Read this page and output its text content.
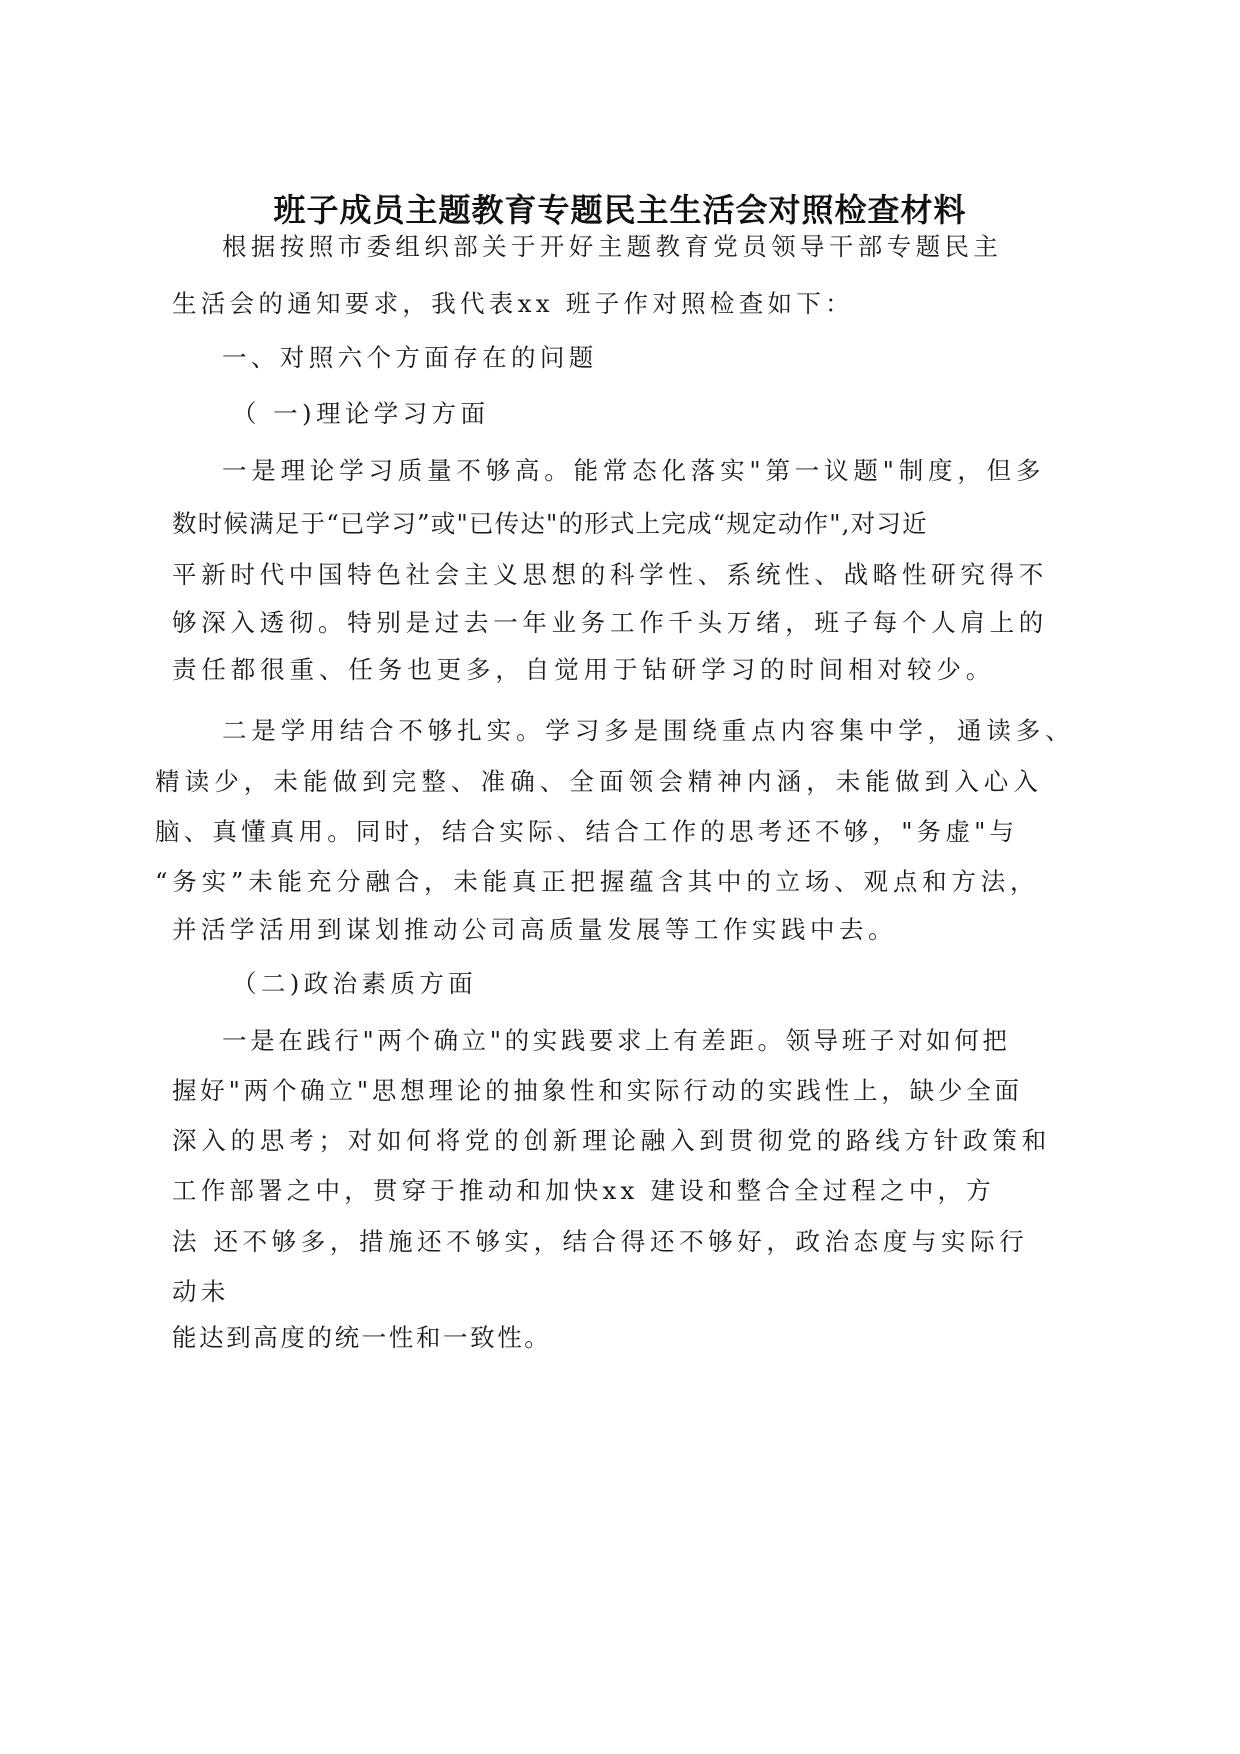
班子成员主题教育专题民主生活会对照检查材料
根据按照市委组织部关于开好主题教育党员领导干部专题民主
生活会的通知要求，我代表xx 班子作对照检查如下：
一、对照六个方面存在的问题
（ 一)理论学习方面
一是理论学习质量不够高。能常态化落实"第一议题"制度，但多
数时候满足于“已学习”或"已传达"的形式上完成“规定动作",对习近
平新时代中国特色社会主义思想的科学性、系统性、战略性研究得不
够深入透彻。特别是过去一年业务工作千头万绪，班子每个人肩上的
责任都很重、任务也更多，自觉用于钻研学习的时间相对较少。
二是学用结合不够扎实。学习多是围绕重点内容集中学，通读多、
精读少，未能做到完整、准确、全面领会精神内涵，未能做到入心入
脑、真懂真用。同时，结合实际、结合工作的思考还不够，"务虚"与
“务实”未能充分融合，未能真正把握蕴含其中的立场、观点和方法，
并活学活用到谋划推动公司高质量发展等工作实践中去。
（二)政治素质方面
一是在践行"两个确立"的实践要求上有差距。领导班子对如何把
握好"两个确立"思想理论的抽象性和实际行动的实践性上，缺少全面
深入的思考；对如何将党的创新理论融入到贯彻党的路线方针政策和
工作部署之中，贯穿于推动和加快xx 建设和整合全过程之中，方
法 还不够多，措施还不够实，结合得还不够好，政治态度与实际行
动未
能达到高度的统一性和一致性。
